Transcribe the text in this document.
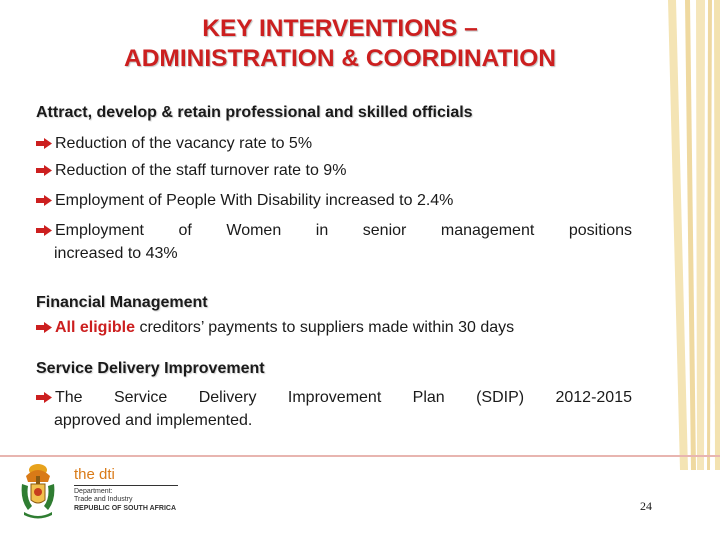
KEY INTERVENTIONS –
ADMINISTRATION & COORDINATION
Attract, develop & retain professional and skilled officials
Reduction of the vacancy rate to 5%
Reduction of the staff turnover rate to 9%
Employment of People With Disability increased to 2.4%
Employment of Women in senior management positions
increased to 43%
Financial Management
All eligible creditors’ payments to suppliers made within 30 days
Service Delivery Improvement
The Service Delivery Improvement Plan (SDIP) 2012-2015
approved and implemented.
the dti
Department:
Trade and Industry
REPUBLIC OF SOUTH AFRICA	24
